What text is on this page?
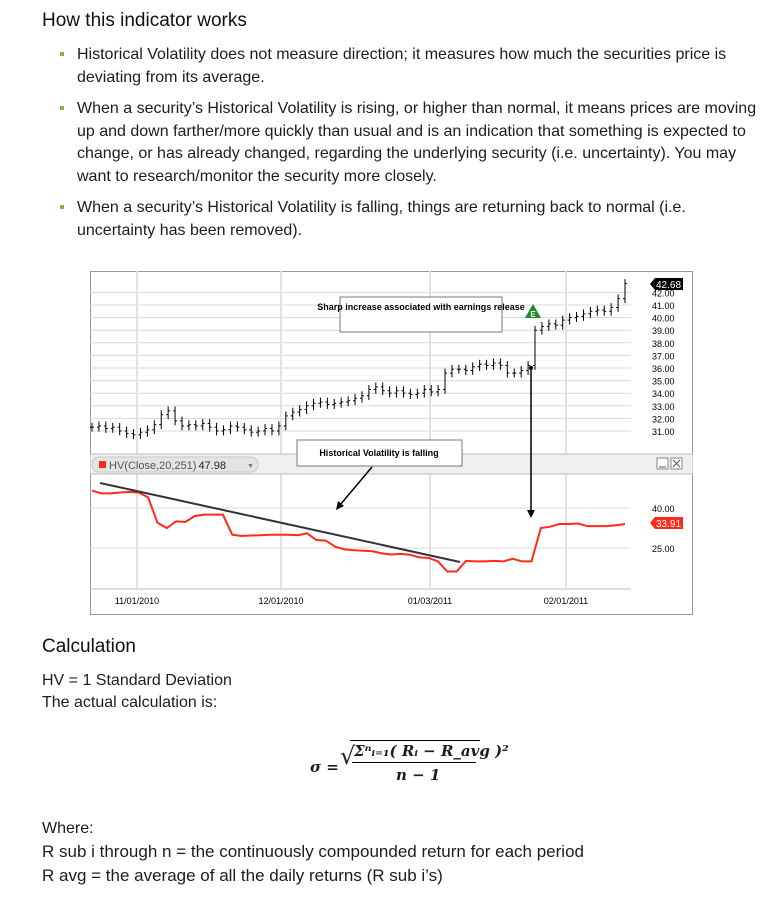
How this indicator works
Historical Volatility does not measure direction; it measures how much the securities price is deviating from its average.
When a security’s Historical Volatility is rising, or higher than normal, it means prices are moving up and down farther/more quickly than usual and is an indication that something is expected to change, or has already changed, regarding the underlying security (i.e. uncertainty). You may want to research/monitor the security more closely.
When a security’s Historical Volatility is falling, things are returning back to normal (i.e. uncertainty has been removed).
HV(Close,20,251) 47.98	▼
Sharp increase associated with earnings release
Historical Volatility is falling
E
42.68
33.91
42.00
41.00
40.00
39.00
38.00
37.00
36.00
35.00
34.00
33.00
32.00
31.00
40.00
25.00
11/01/2010	12/01/2010	01/03/2011	02/01/2011
Calculation
HV = 1 Standard Deviation
The actual calculation is:
σ = √
Σⁿᵢ₌₁( Rᵢ − R_avg )²
n − 1
Where:
R sub i through n = the continuously compounded return for each period
R avg = the average of all the daily returns (R sub i’s)
